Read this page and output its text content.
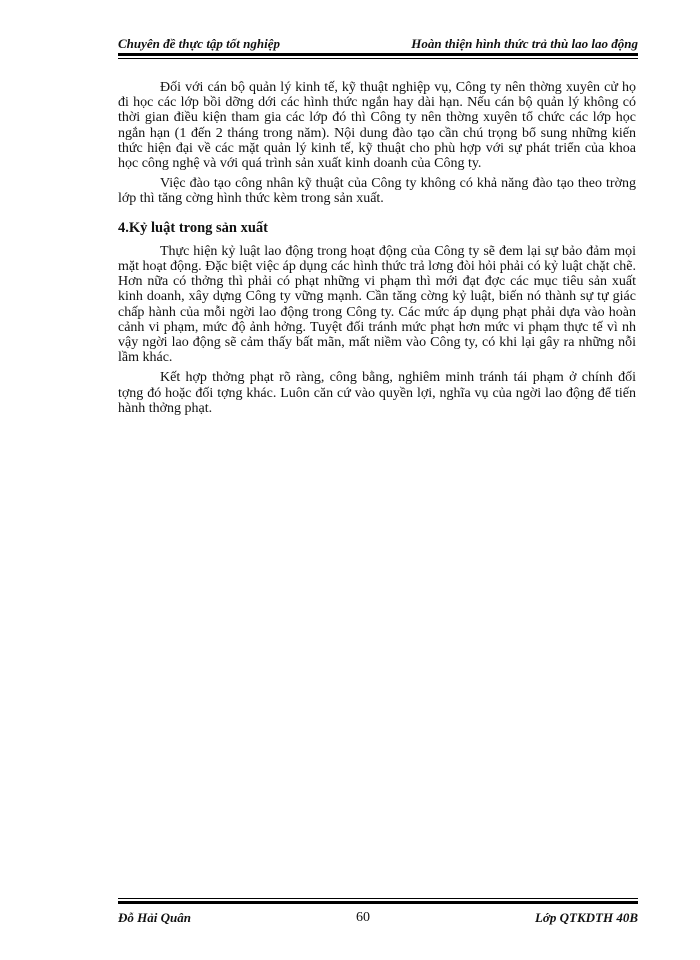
Chuyên đề thực tập tốt nghiệp	Hoàn thiện hình thức trả thù lao lao động

Đối với cán bộ quản lý kinh tế, kỹ thuật nghiệp vụ, Công ty nên thờng xuyên cử họ đi học các lớp bồi dỡng dới các hình thức ngắn hay dài hạn. Nếu cán bộ quản lý không có thời gian điều kiện tham gia các lớp đó thì Công ty nên thờng xuyên tổ chức các lớp học ngắn hạn (1 đến 2 tháng trong năm). Nội dung đào tạo cần chú trọng bổ sung những kiến thức hiện đại về các mặt quản lý kinh tế, kỹ thuật cho phù hợp với sự phát triển của khoa học công nghệ và với quá trình sản xuất kinh doanh của Công ty.

Việc đào tạo công nhân kỹ thuật của Công ty không có khả năng đào tạo theo trờng lớp thì tăng cờng hình thức kèm trong sản xuất.

4.Kỷ luật trong sản xuất

Thực hiện kỷ luật lao động trong hoạt động của Công ty sẽ đem lại sự bảo đảm mọi mặt hoạt động. Đặc biệt việc áp dụng các hình thức trả lơng đòi hỏi phải có kỷ luật chặt chẽ. Hơn nữa có thởng thì phải có phạt những vi phạm thì mới đạt đợc các mục tiêu sản xuất kinh doanh, xây dựng Công ty vững mạnh. Cần tăng cờng kỷ luật, biến nó thành sự tự giác chấp hành của mỗi ngời lao động trong Công ty. Các mức áp dụng phạt phải dựa vào hoàn cảnh vi phạm, mức độ ảnh hởng. Tuyệt đối tránh mức phạt hơn mức vi phạm thực tế vì nh vậy ngời lao động sẽ cảm thấy bất mãn, mất niềm vào Công ty, có khi lại gây ra những nỗi lầm khác.

Kết hợp thởng phạt rõ ràng, công bằng, nghiêm minh tránh tái phạm ở chính đối tợng đó hoặc đối tợng khác. Luôn căn cứ vào quyền lợi, nghĩa vụ của ngời lao động để tiến hành thởng phạt.

Đỗ Hải Quân	60	Lớp QTKDTH 40B
